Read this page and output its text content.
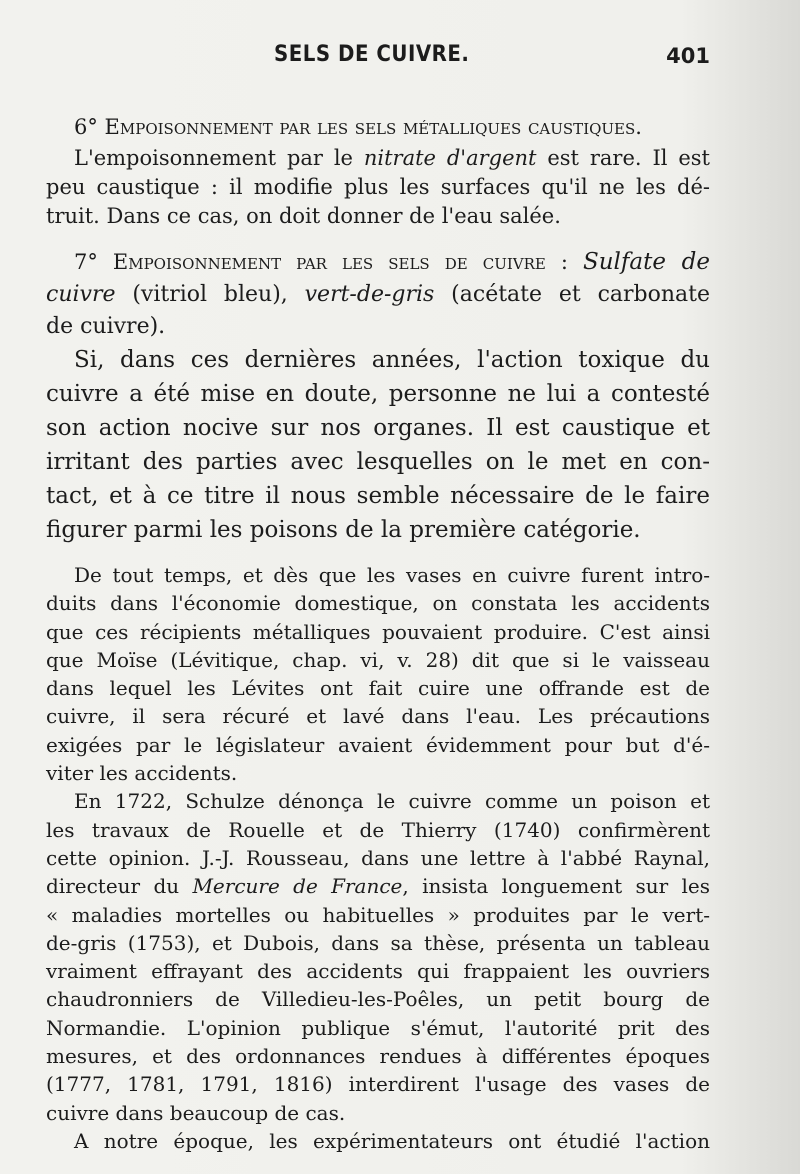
SELS DE CUIVRE.	401
6° Empoisonnement par les sels métalliques caustiques.
L'empoisonnement par le nitrate d'argent est rare. Il est
peu caustique : il modifie plus les surfaces qu'il ne les dé-
truit. Dans ce cas, on doit donner de l'eau salée.
7° Empoisonnement par les sels de cuivre : Sulfate de
cuivre (vitriol bleu), vert-de-gris (acétate et carbonate
de cuivre).
Si, dans ces dernières années, l'action toxique du
cuivre a été mise en doute, personne ne lui a contesté
son action nocive sur nos organes. Il est caustique et
irritant des parties avec lesquelles on le met en con-
tact, et à ce titre il nous semble nécessaire de le faire
figurer parmi les poisons de la première catégorie.
De tout temps, et dès que les vases en cuivre furent intro-
duits dans l'économie domestique, on constata les accidents
que ces récipients métalliques pouvaient produire. C'est ainsi
que Moïse (Lévitique, chap. vi, v. 28) dit que si le vaisseau
dans lequel les Lévites ont fait cuire une offrande est de
cuivre, il sera récuré et lavé dans l'eau. Les précautions
exigées par le législateur avaient évidemment pour but d'é-
viter les accidents.
En 1722, Schulze dénonça le cuivre comme un poison et
les travaux de Rouelle et de Thierry (1740) confirmèrent
cette opinion. J.-J. Rousseau, dans une lettre à l'abbé Raynal,
directeur du Mercure de France, insista longuement sur les
« maladies mortelles ou habituelles » produites par le vert-
de-gris (1753), et Dubois, dans sa thèse, présenta un tableau
vraiment effrayant des accidents qui frappaient les ouvriers
chaudronniers de Villedieu-les-Poêles, un petit bourg de
Normandie. L'opinion publique s'émut, l'autorité prit des
mesures, et des ordonnances rendues à différentes époques
(1777, 1781, 1791, 1816) interdirent l'usage des vases de
cuivre dans beaucoup de cas.
A notre époque, les expérimentateurs ont étudié l'action
